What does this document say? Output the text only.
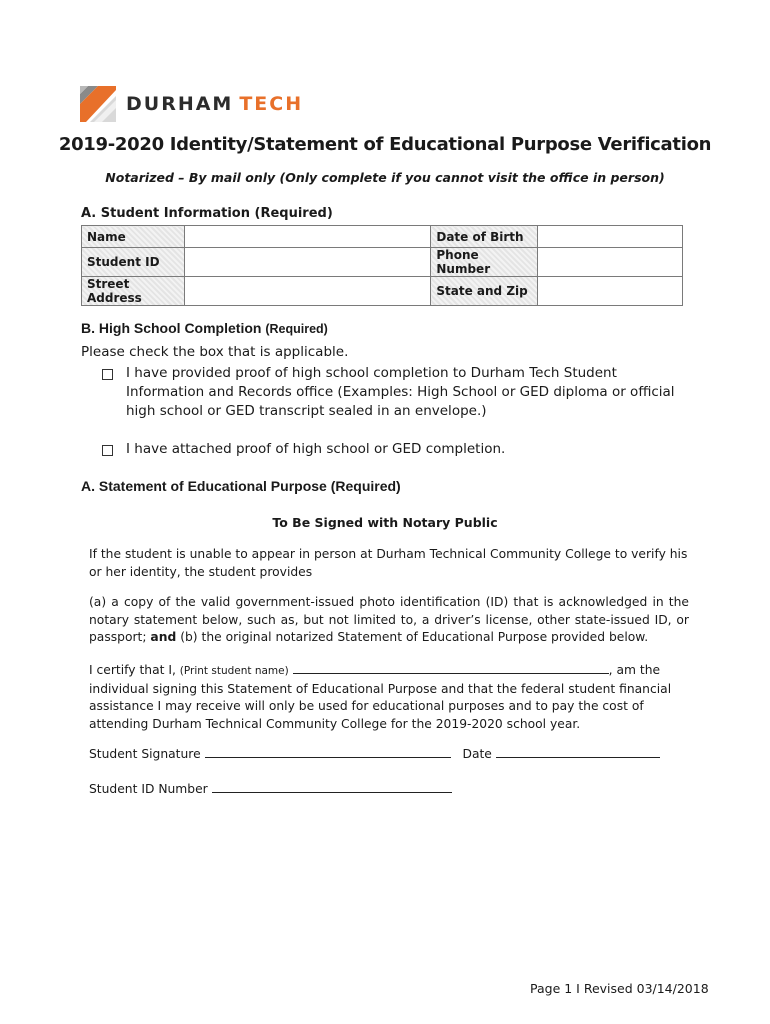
DURHAM TECH
2019-2020 Identity/Statement of Educational Purpose Verification
Notarized – By mail only (Only complete if you cannot visit the office in person)
A. Student Information (Required)
Name		Date of Birth	
Student ID		Phone Number	
Street Address		State and Zip	
B. High School Completion (Required)
Please check the box that is applicable.
I have provided proof of high school completion to Durham Tech Student Information and Records office (Examples: High School or GED diploma or official high school or GED transcript sealed in an envelope.)
I have attached proof of high school or GED completion.
A. Statement of Educational Purpose (Required)
To Be Signed with Notary Public
If the student is unable to appear in person at Durham Technical Community College to verify his or her identity, the student provides
(a) a copy of the valid government-issued photo identification (ID) that is acknowledged in the notary statement below, such as, but not limited to, a driver’s license, other state-issued ID, or passport; and (b) the original notarized Statement of Educational Purpose provided below.
I certify that I, (Print student name)	, am the
individual signing this Statement of Educational Purpose and that the federal student financial assistance I may receive will only be used for educational purposes and to pay the cost of attending Durham Technical Community College for the 2019-2020 school year.
Student Signature	Date
Student ID Number
Page 1 I Revised 03/14/2018
